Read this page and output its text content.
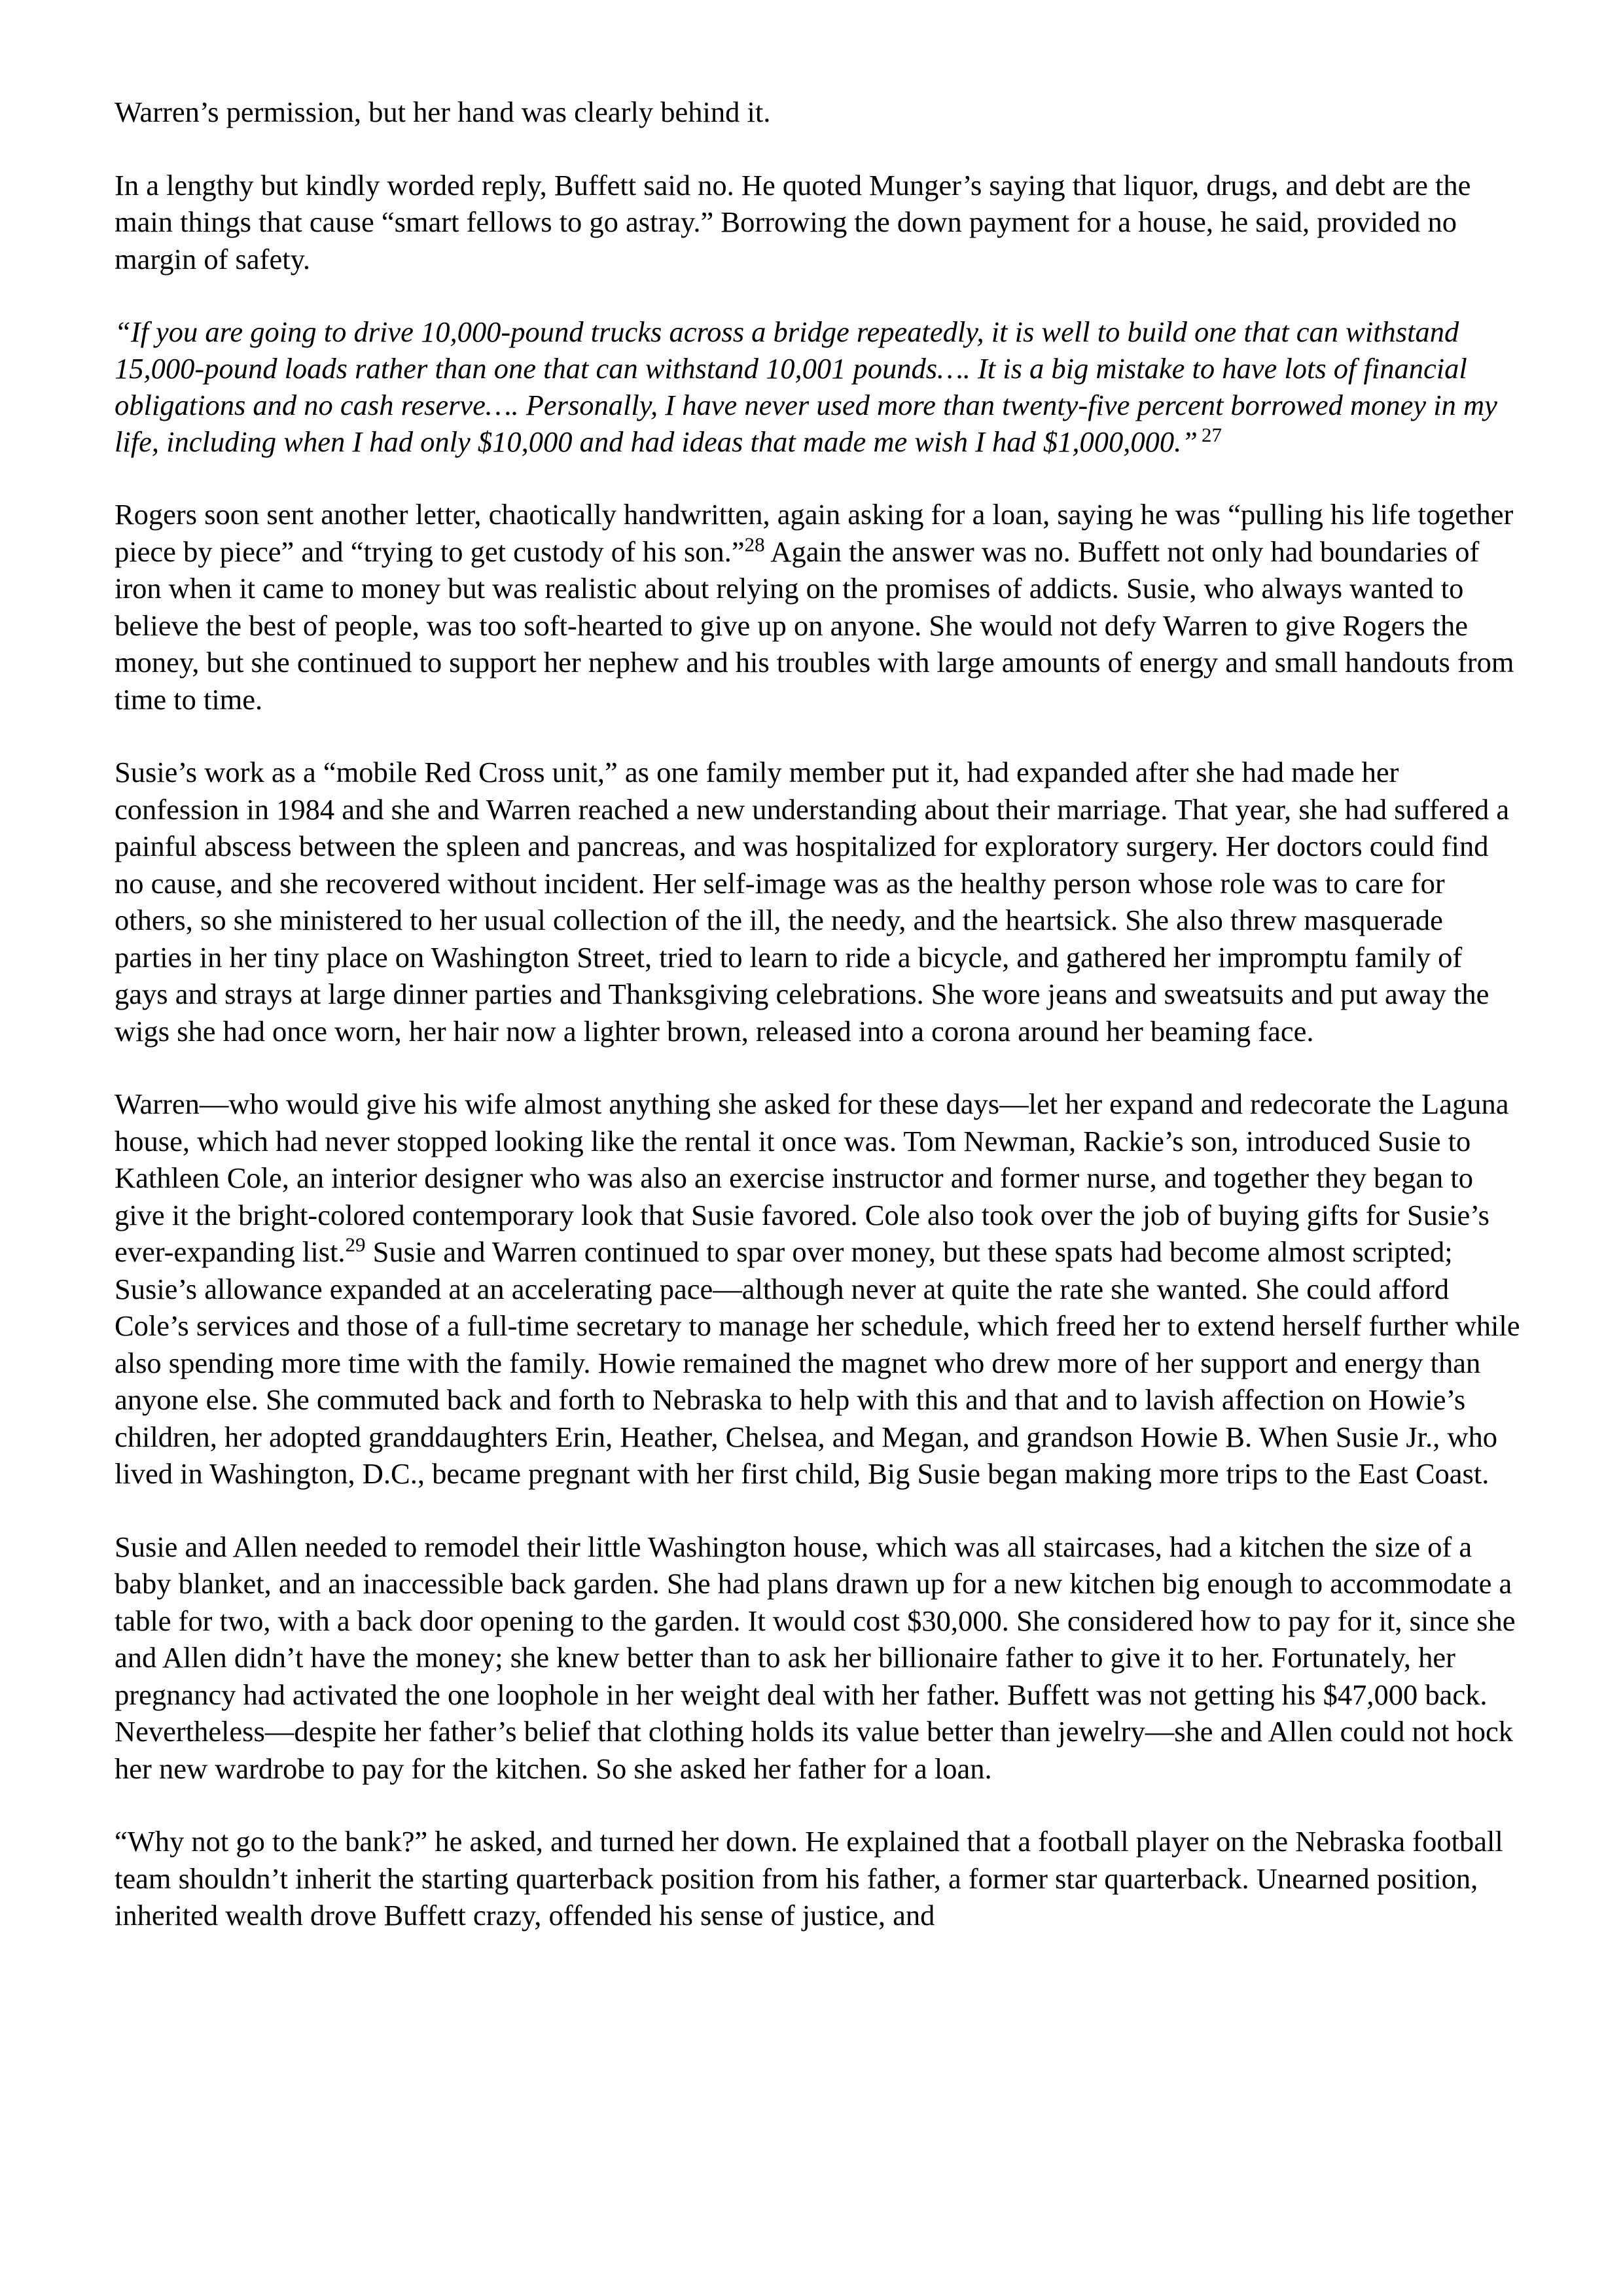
Warren’s permission, but her hand was clearly behind it.

In a lengthy but kindly worded reply, Buffett said no. He quoted Munger’s saying that liquor, drugs, and debt are the main things that cause “smart fellows to go astray.” Borrowing the down payment for a house, he said, provided no margin of safety.

“If you are going to drive 10,000-pound trucks across a bridge repeatedly, it is well to build one that can withstand 15,000-pound loads rather than one that can withstand 10,001 pounds…. It is a big mistake to have lots of financial obligations and no cash reserve…. Personally, I have never used more than twenty-five percent borrowed money in my life, including when I had only $10,000 and had ideas that made me wish I had $1,000,000.” $^{27}$

Rogers soon sent another letter, chaotically handwritten, again asking for a loan, saying he was “pulling his life together piece by piece” and “trying to get custody of his son.”$^{28}$ Again the answer was no. Buffett not only had boundaries of iron when it came to money but was realistic about relying on the promises of addicts. Susie, who always wanted to believe the best of people, was too soft-hearted to give up on anyone. She would not defy Warren to give Rogers the money, but she continued to support her nephew and his troubles with large amounts of energy and small handouts from time to time.

Susie’s work as a “mobile Red Cross unit,” as one family member put it, had expanded after she had made her confession in 1984 and she and Warren reached a new understanding about their marriage. That year, she had suffered a painful abscess between the spleen and pancreas, and was hospitalized for exploratory surgery. Her doctors could find no cause, and she recovered without incident. Her self-image was as the healthy person whose role was to care for others, so she ministered to her usual collection of the ill, the needy, and the heartsick. She also threw masquerade parties in her tiny place on Washington Street, tried to learn to ride a bicycle, and gathered her impromptu family of gays and strays at large dinner parties and Thanksgiving celebrations. She wore jeans and sweatsuits and put away the wigs she had once worn, her hair now a lighter brown, released into a corona around her beaming face.

Warren—who would give his wife almost anything she asked for these days—let her expand and redecorate the Laguna house, which had never stopped looking like the rental it once was. Tom Newman, Rackie’s son, introduced Susie to Kathleen Cole, an interior designer who was also an exercise instructor and former nurse, and together they began to give it the bright-colored contemporary look that Susie favored. Cole also took over the job of buying gifts for Susie’s ever-expanding list.$^{29}$ Susie and Warren continued to spar over money, but these spats had become almost scripted; Susie’s allowance expanded at an accelerating pace—although never at quite the rate she wanted. She could afford Cole’s services and those of a full-time secretary to manage her schedule, which freed her to extend herself further while also spending more time with the family. Howie remained the magnet who drew more of her support and energy than anyone else. She commuted back and forth to Nebraska to help with this and that and to lavish affection on Howie’s children, her adopted granddaughters Erin, Heather, Chelsea, and Megan, and grandson Howie B. When Susie Jr., who lived in Washington, D.C., became pregnant with her first child, Big Susie began making more trips to the East Coast.

Susie and Allen needed to remodel their little Washington house, which was all staircases, had a kitchen the size of a baby blanket, and an inaccessible back garden. She had plans drawn up for a new kitchen big enough to accommodate a table for two, with a back door opening to the garden. It would cost $30,000. She considered how to pay for it, since she and Allen didn’t have the money; she knew better than to ask her billionaire father to give it to her. Fortunately, her pregnancy had activated the one loophole in her weight deal with her father. Buffett was not getting his $47,000 back. Nevertheless—despite her father’s belief that clothing holds its value better than jewelry—she and Allen could not hock her new wardrobe to pay for the kitchen. So she asked her father for a loan.

“Why not go to the bank?” he asked, and turned her down. He explained that a football player on the Nebraska football team shouldn’t inherit the starting quarterback position from his father, a former star quarterback. Unearned position, inherited wealth drove Buffett crazy, offended his sense of justice, and
